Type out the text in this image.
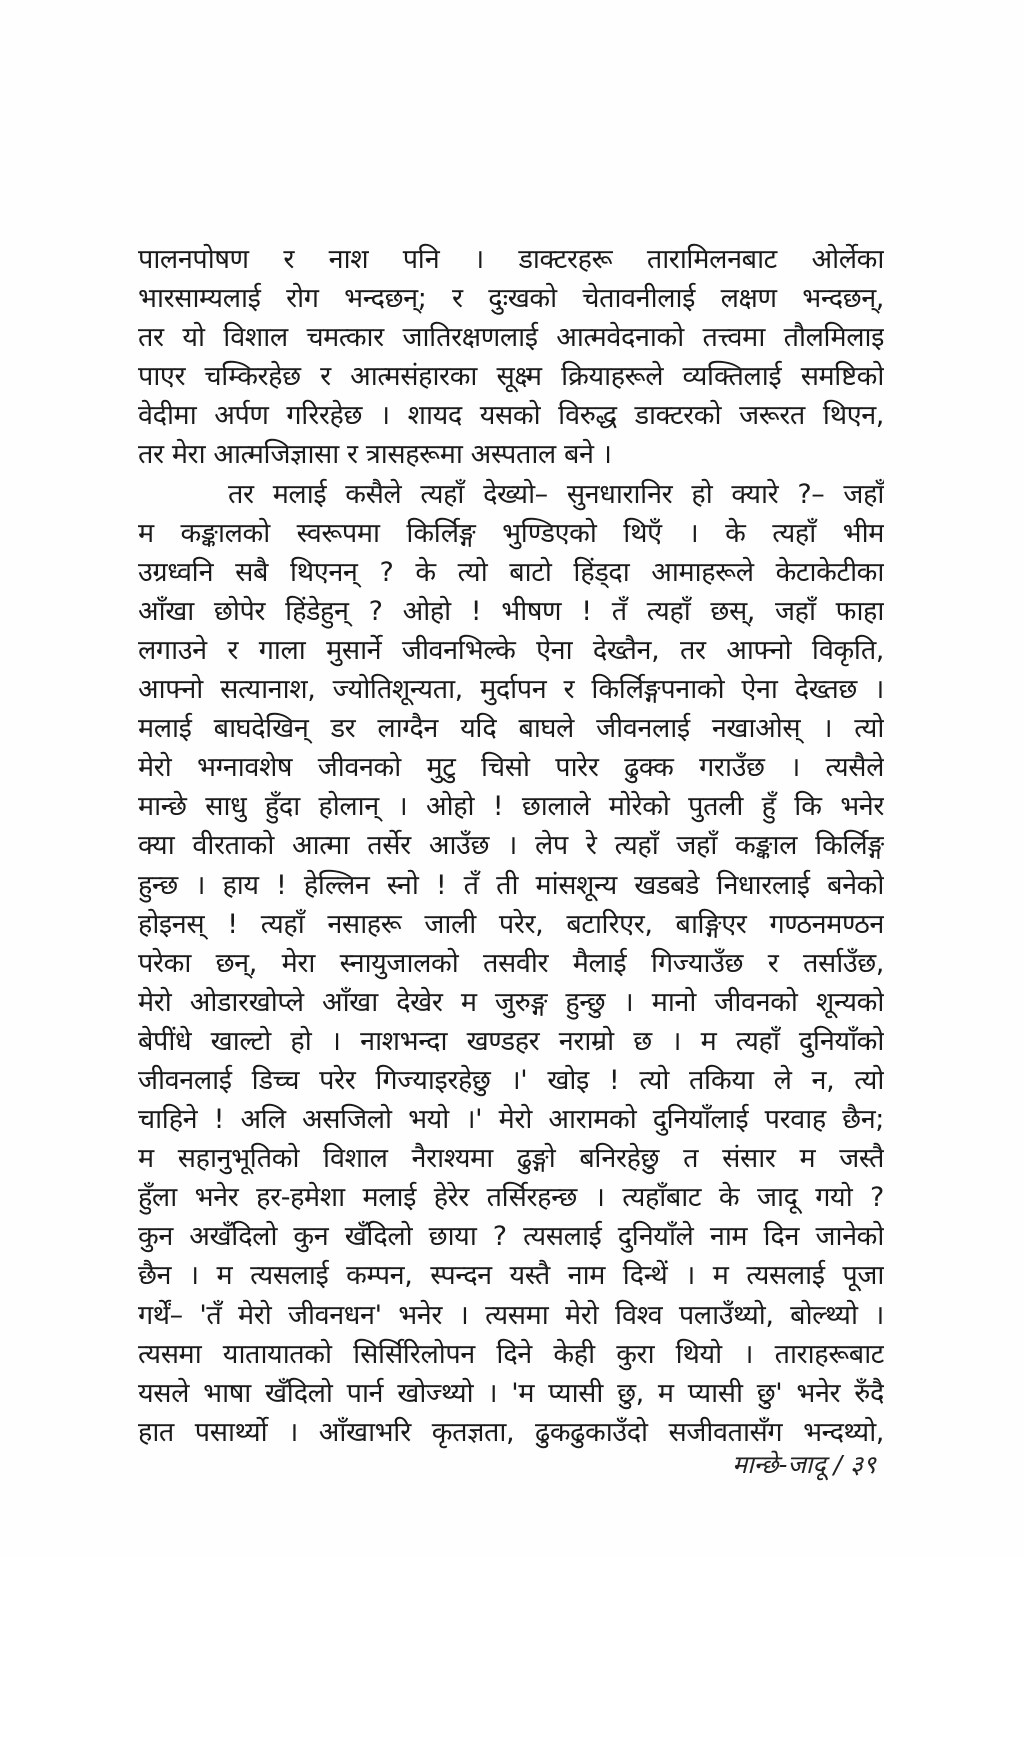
पालनपोषण र नाश पनि । डाक्टरहरू तारामिलनबाट ओर्लेका
भारसाम्यलाई रोग भन्दछन्; र दुःखको चेतावनीलाई लक्षण भन्दछन्,
तर यो विशाल चमत्कार जातिरक्षणलाई आत्मवेदनाको तत्त्वमा तौलमिलाइ
पाएर चम्किरहेछ र आत्मसंहारका सूक्ष्म क्रियाहरूले व्यक्तिलाई समष्टिको
वेदीमा अर्पण गरिरहेछ । शायद यसको विरुद्ध डाक्टरको जरूरत थिएन,
तर मेरा आत्मजिज्ञासा र त्रासहरूमा अस्पताल बने ।
तर मलाई कसैले त्यहाँ देख्यो– सुनधारानिर हो क्यारे ?– जहाँ
म कङ्कालको स्वरूपमा किर्लिङ्ग भुण्डिएको थिएँ । के त्यहाँ भीम
उग्रध्वनि सबै थिएनन् ? के त्यो बाटो हिंड्दा आमाहरूले केटाकेटीका
आँखा छोपेर हिंडेहुन् ? ओहो ! भीषण ! तँ त्यहाँ छस्, जहाँ फाहा
लगाउने र गाला मुसार्ने जीवनभिल्के ऐना देख्तैन, तर आफ्नो विकृति,
आफ्नो सत्यानाश, ज्योतिशून्यता, मुर्दापन र किर्लिङ्गपनाको ऐना देख्तछ ।
मलाई बाघदेखिन् डर लाग्दैन यदि बाघले जीवनलाई नखाओस् । त्यो
मेरो भग्नावशेष जीवनको मुटु चिसो पारेर ढुक्क गराउँछ । त्यसैले
मान्छे साधु हुँदा होलान् । ओहो ! छालाले मोरेको पुतली हुँ कि भनेर
क्या वीरताको आत्मा तर्सेर आउँछ । लेप रे त्यहाँ जहाँ कङ्काल किर्लिङ्ग
हुन्छ । हाय ! हेल्लिन स्नो ! तँ ती मांसशून्य खडबडे निधारलाई बनेको
होइनस् ! त्यहाँ नसाहरू जाली परेर, बटारिएर, बाङ्गिएर गण्ठनमण्ठन
परेका छन्, मेरा स्नायुजालको तसवीर मैलाई गिज्याउँछ र तर्साउँछ,
मेरो ओडारखोप्ले आँखा देखेर म जुरुङ्ग हुन्छु । मानो जीवनको शून्यको
बेपींधे खाल्टो हो । नाशभन्दा खण्डहर नराम्रो छ । म त्यहाँ दुनियाँको
जीवनलाई डिच्च परेर गिज्याइरहेछु ।' खोइ ! त्यो तकिया ले न, त्यो
चाहिने ! अलि असजिलो भयो ।' मेरो आरामको दुनियाँलाई परवाह छैन;
म सहानुभूतिको विशाल नैराश्यमा ढुङ्गो बनिरहेछु त संसार म जस्तै
हुँला भनेर हर-हमेशा मलाई हेरेर तर्सिरहन्छ । त्यहाँबाट के जादू गयो ?
कुन अखँदिलो कुन खँदिलो छाया ? त्यसलाई दुनियाँले नाम दिन जानेको
छैन । म त्यसलाई कम्पन, स्पन्दन यस्तै नाम दिन्थें । म त्यसलाई पूजा
गर्थें– 'तँ मेरो जीवनधन' भनेर । त्यसमा मेरो विश्व पलाउँथ्यो, बोल्थ्यो ।
त्यसमा यातायातको सिर्सिरिलोपन दिने केही कुरा थियो । ताराहरूबाट
यसले भाषा खँदिलो पार्न खोज्थ्यो । 'म प्यासी छु, म प्यासी छु' भनेर रुँदै
हात पसार्थ्यो । आँखाभरि कृतज्ञता, ढुकढुकाउँदो सजीवतासँग भन्दथ्यो,
मान्छे-जादू / ३९
